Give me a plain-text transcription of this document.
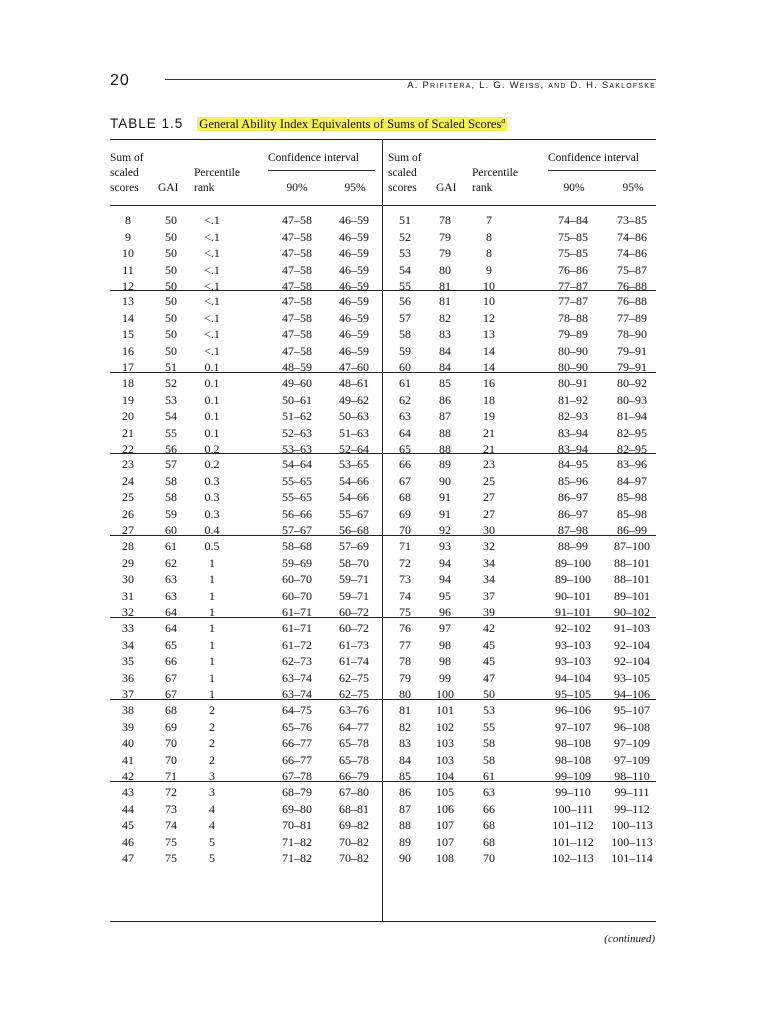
20	A. Prifitera, L. G. Weiss, and D. H. Saklofske
TABLE 1.5 General Ability Index Equivalents of Sums of Scaled Scores$^a$
Sum of
scaled
scores GAI
Percentile
rank
Confidence interval
90%	95%
Sum of
scaled
scores GAI
Percentile
rank
Confidence interval
90%	95%
8	50	<.1	47–58	46–59	51	78	7	74–84	73–85
9	50	<.1	47–58	46–59	52	79	8	75–85	74–86
10	50	<.1	47–58	46–59	53	79	8	75–85	74–86
11	50	<.1	47–58	46–59	54	80	9	76–86	75–87
12	50	<.1	47–58	46–59	55	81	10	77–87	76–88
13	50	<.1	47–58	46–59	56	81	10	77–87	76–88
14	50	<.1	47–58	46–59	57	82	12	78–88	77–89
15	50	<.1	47–58	46–59	58	83	13	79–89	78–90
16	50	<.1	47–58	46–59	59	84	14	80–90	79–91
17	51	0.1	48–59	47–60	60	84	14	80–90	79–91
18	52	0.1	49–60	48–61	61	85	16	80–91	80–92
19	53	0.1	50–61	49–62	62	86	18	81–92	80–93
20	54	0.1	51–62	50–63	63	87	19	82–93	81–94
21	55	0.1	52–63	51–63	64	88	21	83–94	82–95
22	56	0.2	53–63	52–64	65	88	21	83–94	82–95
23	57	0.2	54–64	53–65	66	89	23	84–95	83–96
24	58	0.3	55–65	54–66	67	90	25	85–96	84–97
25	58	0.3	55–65	54–66	68	91	27	86–97	85–98
26	59	0.3	56–66	55–67	69	91	27	86–97	85–98
27	60	0.4	57–67	56–68	70	92	30	87–98	86–99
28	61	0.5	58–68	57–69	71	93	32	88–99	87–100
29	62	1	59–69	58–70	72	94	34	89–100	88–101
30	63	1	60–70	59–71	73	94	34	89–100	88–101
31	63	1	60–70	59–71	74	95	37	90–101	89–101
32	64	1	61–71	60–72	75	96	39	91–101	90–102
33	64	1	61–71	60–72	76	97	42	92–102	91–103
34	65	1	61–72	61–73	77	98	45	93–103	92–104
35	66	1	62–73	61–74	78	98	45	93–103	92–104
36	67	1	63–74	62–75	79	99	47	94–104	93–105
37	67	1	63–74	62–75	80	100	50	95–105	94–106
38	68	2	64–75	63–76	81	101	53	96–106	95–107
39	69	2	65–76	64–77	82	102	55	97–107	96–108
40	70	2	66–77	65–78	83	103	58	98–108	97–109
41	70	2	66–77	65–78	84	103	58	98–108	97–109
42	71	3	67–78	66–79	85	104	61	99–109	98–110
43	72	3	68–79	67–80	86	105	63	99–110	99–111
44	73	4	69–80	68–81	87	106	66	100–111	99–112
45	74	4	70–81	69–82	88	107	68	101–112	100–113
46	75	5	71–82	70–82	89	107	68	101–112	100–113
47	75	5	71–82	70–82	90	108	70	102–113	101–114
(continued)
